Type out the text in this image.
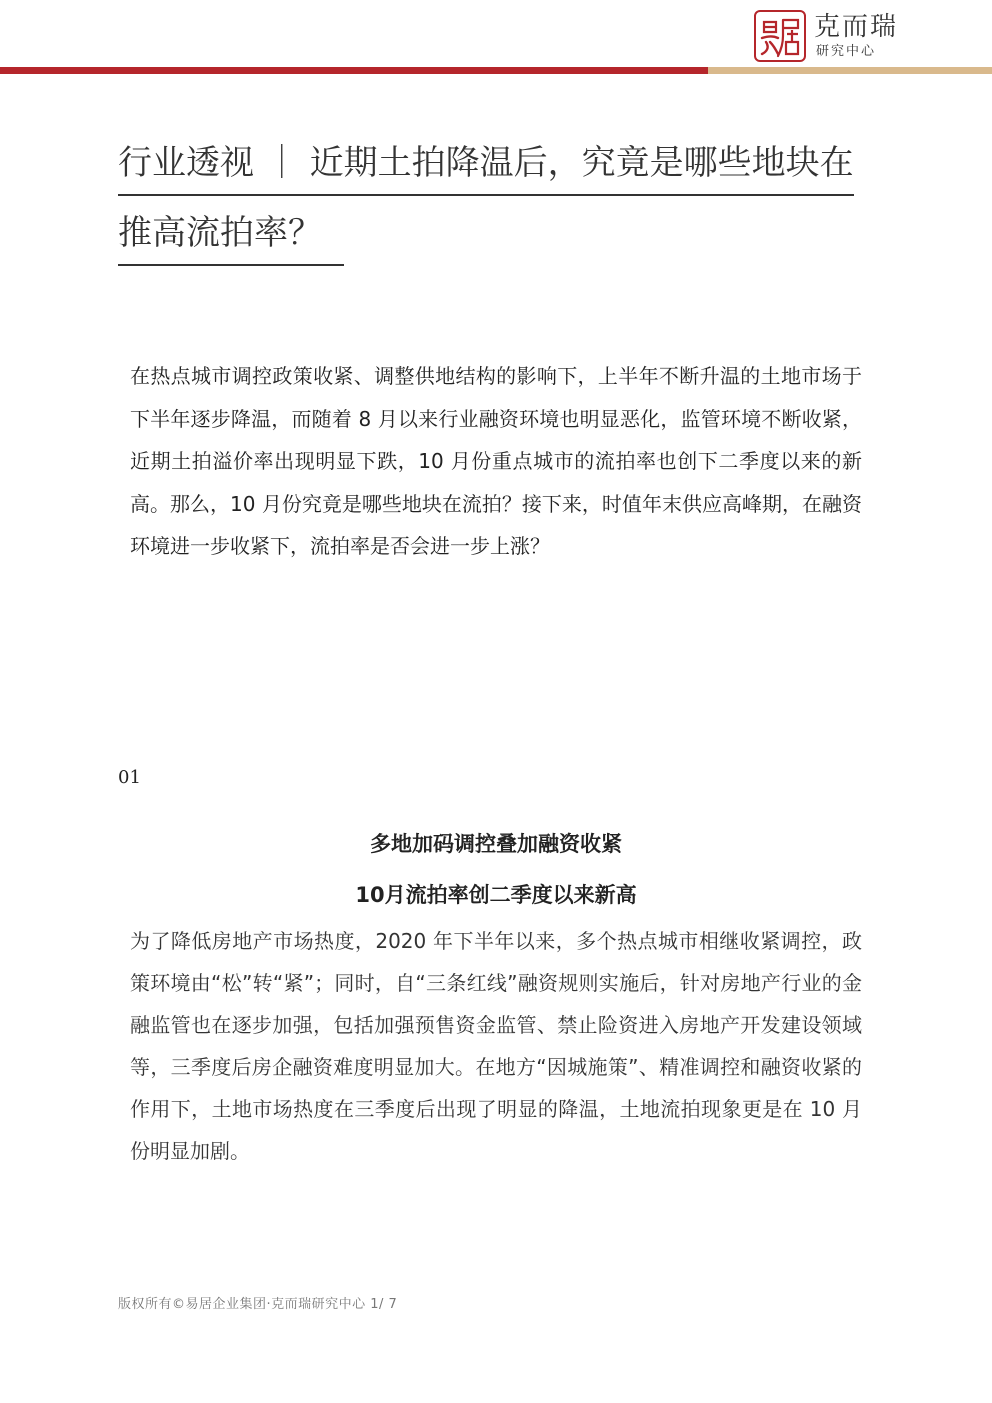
克而瑞
研究中心
行业透视 ｜ 近期土拍降温后，究竟是哪些地块在
推高流拍率？

在热点城市调控政策收紧、调整供地结构的影响下，上半年不断升温的土地市场于下半年逐步降温，而随着 8 月以来行业融资环境也明显恶化，监管环境不断收紧，近期土拍溢价率出现明显下跌，10 月份重点城市的流拍率也创下二季度以来的新高。那么，10 月份究竟是哪些地块在流拍？接下来，时值年末供应高峰期，在融资环境进一步收紧下，流拍率是否会进一步上涨？

01
多地加码调控叠加融资收紧
10月流拍率创二季度以来新高

为了降低房地产市场热度，2020 年下半年以来，多个热点城市相继收紧调控，政策环境由“松”转“紧”；同时，自“三条红线”融资规则实施后，针对房地产行业的金融监管也在逐步加强，包括加强预售资金监管、禁止险资进入房地产开发建设领域等，三季度后房企融资难度明显加大。在地方“因城施策”、精准调控和融资收紧的作用下，土地市场热度在三季度后出现了明显的降温，土地流拍现象更是在 10 月份明显加剧。

版权所有©易居企业集团·克而瑞研究中心 1/ 7
